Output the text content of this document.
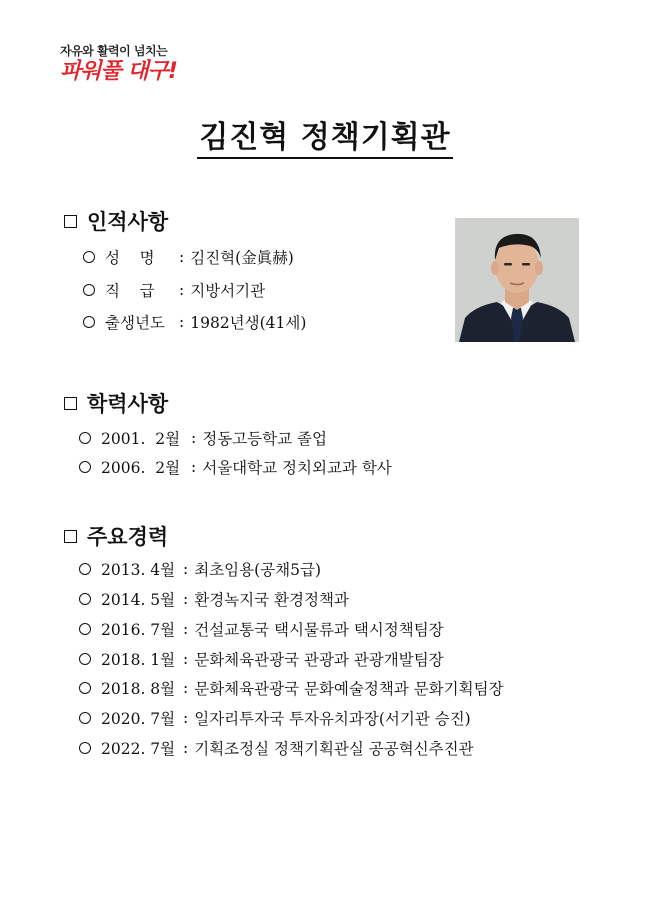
자유와 활력이 넘치는
파워풀 대구!
김진혁 정책기획관
인적사항
성    명	: 김진혁(金眞赫)
직    급	: 지방서기관
출생년도 : 1982년생(41세)
학력사항
2001.  2월 : 정동고등학교 졸업
2006.  2월 : 서울대학교 정치외교과 학사
주요경력
2013. 4월 : 최초임용(공채5급)
2014. 5월 : 환경녹지국 환경정책과
2016. 7월 : 건설교통국 택시물류과 택시정책팀장
2018. 1월 : 문화체육관광국 관광과 관광개발팀장
2018. 8월 : 문화체육관광국 문화예술정책과 문화기획팀장
2020. 7월 : 일자리투자국 투자유치과장(서기관 승진)
2022. 7월 : 기획조정실 정책기획관실 공공혁신추진관
